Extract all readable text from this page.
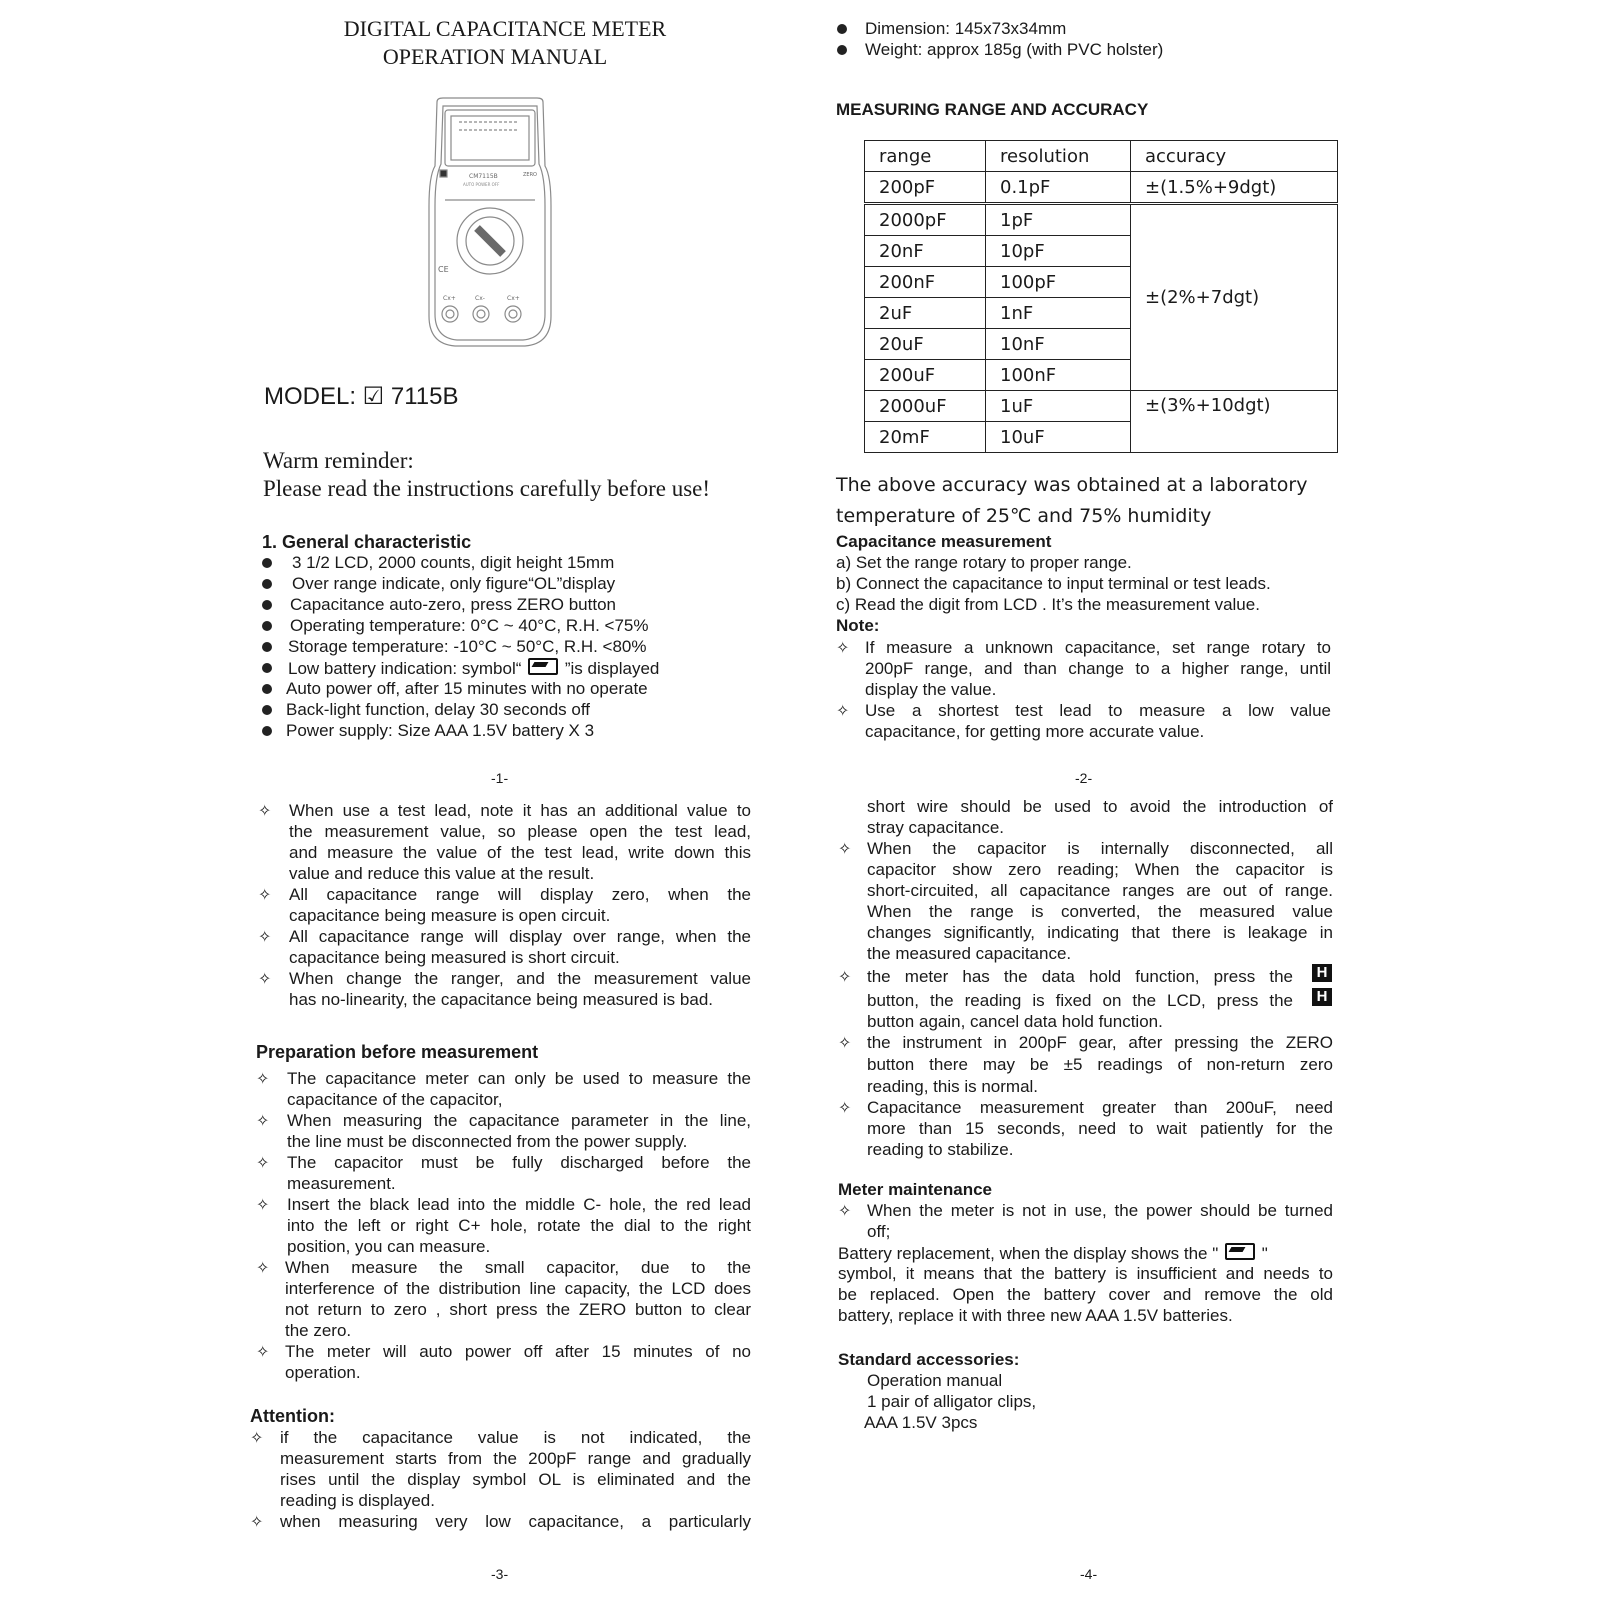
DIGITAL CAPACITANCE METER
OPERATION MANUAL
CM7115B
AUTO POWER OFF
ZERO
CE
Cx+	Cx-	Cx+
MODEL: ☑ 7115B
Warm reminder:
Please read the instructions carefully before use!
1. General characteristic
3 1/2 LCD, 2000 counts, digit height 15mm
Over range indicate, only figure“OL”display
Capacitance auto-zero, press ZERO button
Operating temperature: 0°C ~ 40°C, R.H. <75%
Storage temperature: -10°C ~ 50°C, R.H. <80%
Low battery indication: symbol“	”is displayed
Auto power off, after 15 minutes with no operate
Back-light function, delay 30 seconds off
Power supply: Size AAA 1.5V battery X 3
-1-
Dimension: 145x73x34mm
Weight: approx 185g (with PVC holster)
MEASURING RANGE AND ACCURACY
range	resolution	accuracy
200pF	0.1pF	±(1.5%+9dgt)
2000pF	1pF	±(2%+7dgt)
20nF	10pF	
200nF	100pF	
2uF	1nF	
20uF	10nF	
200uF	100nF	
2000uF	1uF	±(3%+10dgt)
20mF	10uF	
The above accuracy was obtained at a laboratory
temperature of 25℃ and 75% humidity
Capacitance measurement
a) Set the range rotary to proper range.
b) Connect the capacitance to input terminal or test leads.
c) Read the digit from LCD . It’s the measurement value.
Note:
✧ If measure a unknown capacitance, set range rotary to
200pF range, and than change to a higher range, until
display the value.
✧ Use a shortest test lead to measure a low value
capacitance, for getting more accurate value.
-2-
✧ When use a test lead, note it has an additional value to
the measurement value, so please open the test lead,
and measure the value of the test lead, write down this
value and reduce this value at the result.
✧ All capacitance range will display zero, when the
capacitance being measure is open circuit.
✧ All capacitance range will display over range, when the
capacitance being measured is short circuit.
✧ When change the ranger, and the measurement value
has no-linearity, the capacitance being measured is bad.
Preparation before measurement
✧ The capacitance meter can only be used to measure the
capacitance of the capacitor,
✧ When measuring the capacitance parameter in the line,
the line must be disconnected from the power supply.
✧ The capacitor must be fully discharged before the
measurement.
✧ Insert the black lead into the middle C- hole, the red lead
into the left or right C+ hole, rotate the dial to the right
position, you can measure.
✧ When measure the small capacitor, due to the
interference of the distribution line capacity, the LCD does
not return to zero , short press the ZERO button to clear
the zero.
✧ The meter will auto power off after 15 minutes of no
operation.
Attention:
✧ if the capacitance value is not indicated, the
measurement starts from the 200pF range and gradually
rises until the display symbol OL is eliminated and the
reading is displayed.
✧ when measuring very low capacitance, a particularly
-3-
short wire should be used to avoid the introduction of
stray capacitance.
✧ When the capacitor is internally disconnected, all
capacitor show zero reading; When the capacitor is
short-circuited, all capacitance ranges are out of range.
When the range is converted, the measured value
changes significantly, indicating that there is leakage in
the measured capacitance.
✧ the meter has the data hold function, press the	H
button, the reading is fixed on the LCD, press the	H
button again, cancel data hold function.
✧ the instrument in 200pF gear, after pressing the ZERO
button there may be ±5 readings of non-return zero
reading, this is normal.
✧ Capacitance measurement greater than 200uF, need
more than 15 seconds, need to wait patiently for the
reading to stabilize.
Meter maintenance
✧ When the meter is not in use, the power should be turned
off;
Battery replacement, when the display shows the "	"
symbol, it means that the battery is insufficient and needs to
be replaced. Open the battery cover and remove the old
battery, replace it with three new AAA 1.5V batteries.
Standard accessories:
Operation manual
1 pair of alligator clips,
AAA 1.5V 3pcs
-4-
